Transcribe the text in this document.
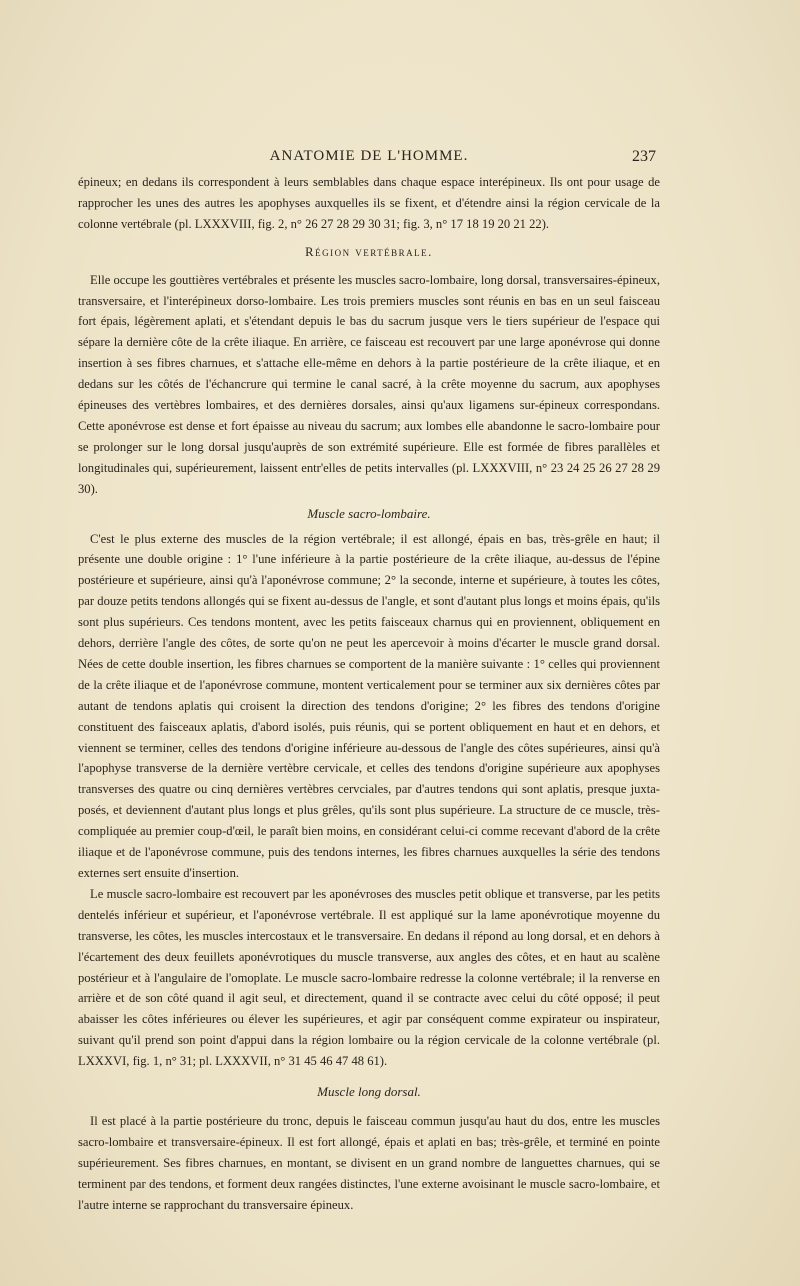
ANATOMIE DE L'HOMME.	237

épineux; en dedans ils correspondent à leurs semblables dans chaque espace interépineux. Ils ont pour usage de rapprocher les unes des autres les apophyses auxquelles ils se fixent, et d'étendre ainsi la région cervicale de la colonne vertébrale (pl. LXXXVIII, fig. 2, n° 26 27 28 29 30 31; fig. 3, n° 17 18 19 20 21 22).

Région vertébrale.

Elle occupe les gouttières vertébrales et présente les muscles sacro-lombaire, long dorsal, transversaires-épineux, transversaire, et l'interépineux dorso-lombaire. Les trois premiers muscles sont réunis en bas en un seul faisceau fort épais, légèrement aplati, et s'étendant depuis le bas du sacrum jusque vers le tiers supérieur de l'espace qui sépare la dernière côte de la crête iliaque. En arrière, ce faisceau est recouvert par une large aponévrose qui donne insertion à ses fibres charnues, et s'attache elle-même en dehors à la partie postérieure de la crête iliaque, et en dedans sur les côtés de l'échancrure qui termine le canal sacré, à la crête moyenne du sacrum, aux apophyses épineuses des vertèbres lombaires, et des dernières dorsales, ainsi qu'aux ligamens sur-épineux correspondans. Cette aponévrose est dense et fort épaisse au niveau du sacrum; aux lombes elle abandonne le sacro-lombaire pour se prolonger sur le long dorsal jusqu'auprès de son extrémité supérieure. Elle est formée de fibres parallèles et longitudinales qui, supérieurement, laissent entr'elles de petits intervalles (pl. LXXXVIII, n° 23 24 25 26 27 28 29 30).

Muscle sacro-lombaire.

C'est le plus externe des muscles de la région vertébrale; il est allongé, épais en bas, très-grêle en haut; il présente une double origine : 1° l'une inférieure à la partie postérieure de la crête iliaque, au-dessus de l'épine postérieure et supérieure, ainsi qu'à l'aponévrose commune; 2° la seconde, interne et supérieure, à toutes les côtes, par douze petits tendons allongés qui se fixent au-dessus de l'angle, et sont d'autant plus longs et moins épais, qu'ils sont plus supérieurs. Ces tendons montent, avec les petits faisceaux charnus qui en proviennent, obliquement en dehors, derrière l'angle des côtes, de sorte qu'on ne peut les apercevoir à moins d'écarter le muscle grand dorsal. Nées de cette double insertion, les fibres charnues se comportent de la manière suivante : 1° celles qui proviennent de la crête iliaque et de l'aponévrose commune, montent verticalement pour se terminer aux six dernières côtes par autant de tendons aplatis qui croisent la direction des tendons d'origine; 2° les fibres des tendons d'origine constituent des faisceaux aplatis, d'abord isolés, puis réunis, qui se portent obliquement en haut et en dehors, et viennent se terminer, celles des tendons d'origine inférieure au-dessous de l'angle des côtes supérieures, ainsi qu'à l'apophyse transverse de la dernière vertèbre cervicale, et celles des tendons d'origine supérieure aux apophyses transverses des quatre ou cinq dernières vertèbres cervciales, par d'autres tendons qui sont aplatis, presque juxta-posés, et deviennent d'autant plus longs et plus grêles, qu'ils sont plus supérieure. La structure de ce muscle, très-compliquée au premier coup-d'œil, le paraît bien moins, en considérant celui-ci comme recevant d'abord de la crête iliaque et de l'aponévrose commune, puis des tendons internes, les fibres charnues auxquelles la série des tendons externes sert ensuite d'insertion.

Le muscle sacro-lombaire est recouvert par les aponévroses des muscles petit oblique et transverse, par les petits dentelés inférieur et supérieur, et l'aponévrose vertébrale. Il est appliqué sur la lame aponévrotique moyenne du transverse, les côtes, les muscles intercostaux et le transversaire. En dedans il répond au long dorsal, et en dehors à l'écartement des deux feuillets aponévrotiques du muscle transverse, aux angles des côtes, et en haut au scalène postérieur et à l'angulaire de l'omoplate. Le muscle sacro-lombaire redresse la colonne vertébrale; il la renverse en arrière et de son côté quand il agit seul, et directement, quand il se contracte avec celui du côté opposé; il peut abaisser les côtes inférieures ou élever les supérieures, et agir par conséquent comme expirateur ou inspirateur, suivant qu'il prend son point d'appui dans la région lombaire ou la région cervicale de la colonne vertébrale (pl. LXXXVI, fig. 1, n° 31; pl. LXXXVII, n° 31 45 46 47 48 61).

Muscle long dorsal.

Il est placé à la partie postérieure du tronc, depuis le faisceau commun jusqu'au haut du dos, entre les muscles sacro-lombaire et transversaire-épineux. Il est fort allongé, épais et aplati en bas; très-grêle, et terminé en pointe supérieurement. Ses fibres charnues, en montant, se divisent en un grand nombre de languettes charnues, qui se terminent par des tendons, et forment deux rangées distinctes, l'une externe avoisinant le muscle sacro-lombaire, et l'autre interne se rapprochant du transversaire épineux.
